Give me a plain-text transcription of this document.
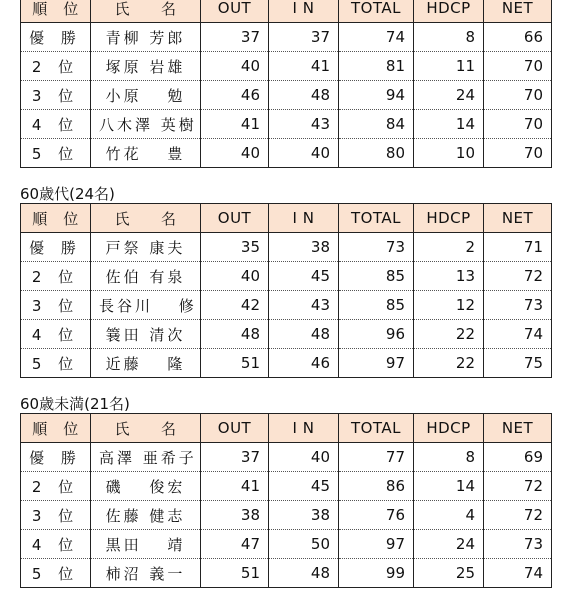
順　位	氏　　名	OUT	I N	TOTAL	HDCP	NET
優 勝	青柳 芳郎	37	37	74	8	66
2 位	塚原 岩雄	40	41	81	11	70
3 位	小原　 勉	46	48	94	24	70
4 位	八木澤 英樹	41	43	84	14	70
5 位	竹花　 豊	40	40	80	10	70
60歳代(24名)
順　位	氏　　名	OUT	I N	TOTAL	HDCP	NET
優 勝	戸祭 康夫	35	38	73	2	71
2 位	佐伯 有泉	40	45	85	13	72
3 位	長谷川　 修	42	43	85	12	73
4 位	簔田 清次	48	48	96	22	74
5 位	近藤　 隆	51	46	97	22	75
60歳未満(21名)
順　位	氏　　名	OUT	I N	TOTAL	HDCP	NET
優 勝	高澤 亜希子	37	40	77	8	69
2 位	磯　 俊宏	41	45	86	14	72
3 位	佐藤 健志	38	38	76	4	72
4 位	黒田　 靖	47	50	97	24	73
5 位	柿沼 義一	51	48	99	25	74
